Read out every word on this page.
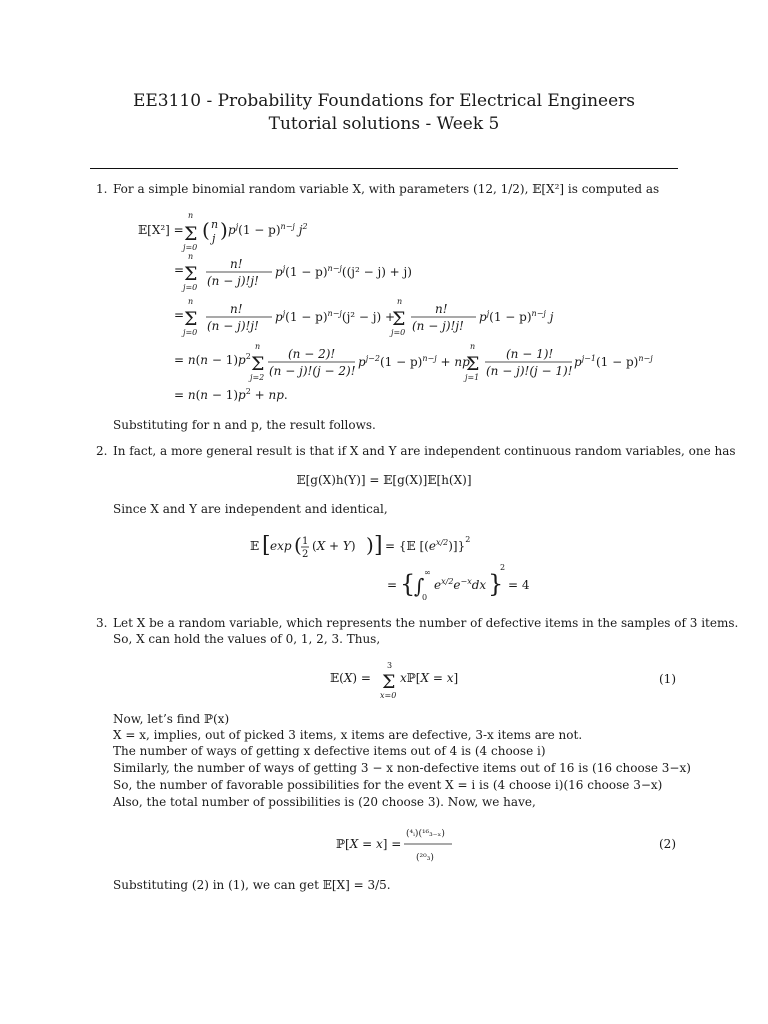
EE3110 - Probability Foundations for Electrical Engineers
Tutorial solutions - Week 5
1. For a simple binomial random variable X, with parameters (12, 1/2), 𝔼[X²] is computed as
𝔼[X²] =
n
Σ
j=0
( n
j ) $p^j(1 - p)^{n-j}$ $j^2$
=
n
Σ
j=0
n!
(n − j)!j!
$p^j(1 - p)^{n-j}((j^2 - j) + j)$
=
n
Σ
j=0
n!
(n − j)!j!
$p^j(1 - p)^{n-j}(j^2 - j)$ +
n
Σ
j=0
n!
(n − j)!j!
$p^j(1 - p)^{n-j}$ j
= $n(n - 1)p^2$
n
Σ
j=2
(n − 2)!
(n − j)!(j − 2)!
$p^{j-2}(1 - p)^{n-j}$ + np
n
Σ
j=1
(n − 1)!
(n − j)!(j − 1)!
$p^{j-1}(1 - p)^{n-j}$
= $n(n - 1)p^2$ + np.
Substituting for n and p, the result follows.
2. In fact, a more general result is that if X and Y are independent continuous random variables, one has
𝔼[g(X)h(Y)] = 𝔼[g(X)]𝔼[h(X)]
Since X and Y are independent and identical,
𝔼 [ exp ( 1
2
(X + Y) ) ] = {𝔼 $[(e^{x/2})]\}^2$
= {
∫
∞
0
$e^{x/2}e^{-x}dx$ }
2
= 4
3. Let X be a random variable, which represents the number of defective items in the samples of 3 items.
So, X can hold the values of 0, 1, 2, 3. Thus,
𝔼(X) =
3
Σ
x=0
xℙ[X = x]	(1)
Now, let’s find ℙ(x)
X = x, implies, out of picked 3 items, x items are defective, 3-x items are not.
The number of ways of getting x defective items out of 4 is (4 choose i)
Similarly, the number of ways of getting 3 − x non-defective items out of 16 is (16 choose 3−x)
So, the number of favorable possibilities for the event X = i is (4 choose i)(16 choose 3−x)
Also, the total number of possibilities is (20 choose 3). Now, we have,
ℙ[X = x] =
(⁴ᵢ)(¹⁶₃₋ₓ)
(²⁰₃)
(2)
Substituting (2) in (1), we can get 𝔼[X] = 3/5.
